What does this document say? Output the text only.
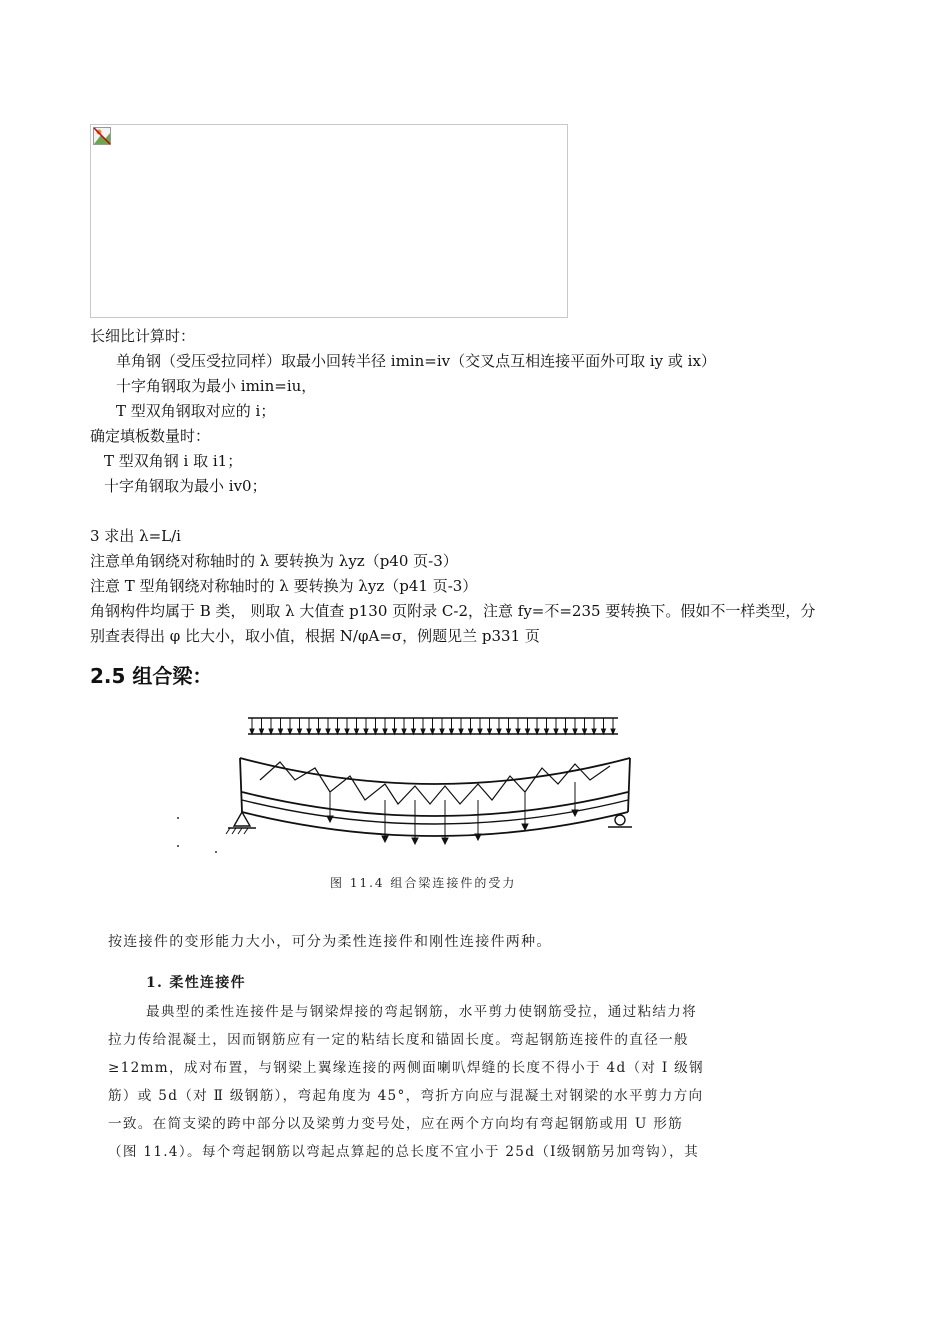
长细比计算时：
单角钢（受压受拉同样）取最小回转半径 imin=iv（交叉点互相连接平面外可取 iy 或 ix）
十字角钢取为最小 imin=iu，
T 型双角钢取对应的 i；
确定填板数量时：
T 型双角钢 i 取 i1；
十字角钢取为最小 iv0；
3 求出 λ=L/i
注意单角钢绕对称轴时的 λ 要转换为 λyz（p40 页-3）
注意 T 型角钢绕对称轴时的 λ 要转换为 λyz（p41 页-3）
角钢构件均属于 B 类， 则取 λ 大值查 p130 页附录 C-2，注意 fy=不=235 要转换下。假如不一样类型，分
别查表得出 φ 比大小，取小值，根据 N/φA=σ，例题见兰 p331 页
2.5 组合梁：
图 11.4 组合梁连接件的受力
按连接件的变形能力大小，可分为柔性连接件和刚性连接件两种。
1. 柔性连接件
最典型的柔性连接件是与钢梁焊接的弯起钢筋，水平剪力使钢筋受拉，通过粘结力将
拉力传给混凝土，因而钢筋应有一定的粘结长度和锚固长度。弯起钢筋连接件的直径一般
≥12mm，成对布置，与钢梁上翼缘连接的两侧面喇叭焊缝的长度不得小于 4d（对 Ⅰ 级钢
筋）或 5d（对 Ⅱ 级钢筋），弯起角度为 45°，弯折方向应与混凝土对钢梁的水平剪力方向
一致。在简支梁的跨中部分以及梁剪力变号处，应在两个方向均有弯起钢筋或用 U 形筋
（图 11.4）。每个弯起钢筋以弯起点算起的总长度不宜小于 25d（Ⅰ级钢筋另加弯钩），其
